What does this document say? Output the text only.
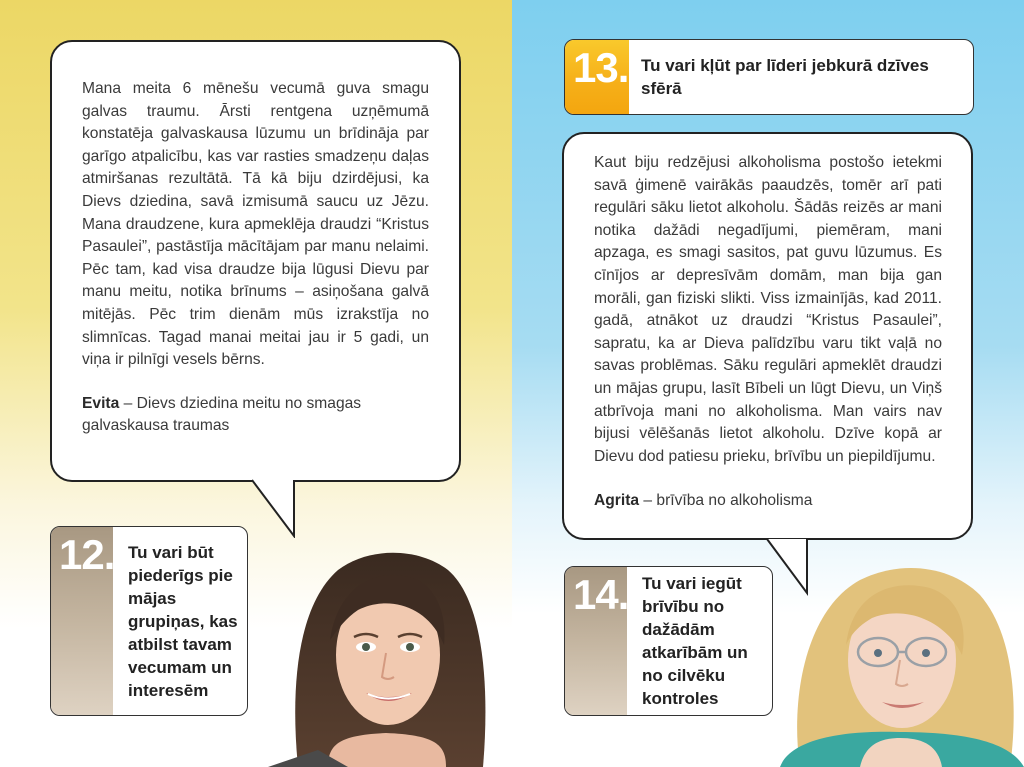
Mana meita 6 mēnešu vecumā guva smagu galvas traumu. Ārsti rentgena uzņēmumā konstatēja galvaskausa lūzumu un brīdināja par garīgo atpalicību, kas var rasties smadzeņu daļas atmiršanas rezultātā. Tā kā biju dzirdējusi, ka Dievs dziedina, savā izmisumā saucu uz Jēzu. Mana draudzene, kura apmeklēja draudzi “Kristus Pasaulei”, pastāstīja mācītājam par manu nelaimi. Pēc tam, kad visa draudze bija lūgusi Dievu par manu meitu, notika brīnums – asiņošana galvā mitējās. Pēc trim dienām mūs izrakstīja no slimnīcas. Tagad manai meitai jau ir 5 gadi, un viņa ir pilnīgi vesels bērns.

Evita – Dievs dziedina meitu no smagas galvaskausa traumas

12. Tu vari būt piederīgs pie mājas grupiņas, kas atbilst tavam vecumam un interesēm
13. Tu vari kļūt par līderi jebkurā dzīves sfērā

Kaut biju redzējusi alkoholisma postošo ietekmi savā ģimenē vairākās paaudzēs, tomēr arī pati regulāri sāku lietot alkoholu. Šādās reizēs ar mani notika dažādi negadījumi, piemēram, mani apzaga, es smagi sasitos, pat guvu lūzumus. Es cīnījos ar depresīvām domām, man bija gan morāli, gan fiziski slikti. Viss izmainījās, kad 2011. gadā, atnākot uz draudzi “Kristus Pasaulei”, sapratu, ka ar Dieva palīdzību varu tikt vaļā no savas problēmas. Sāku regulāri apmeklēt draudzi un mājas grupu, lasīt Bībeli un lūgt Dievu, un Viņš atbrīvoja mani no alkoholisma. Man vairs nav bijusi vēlēšanās lietot alkoholu. Dzīve kopā ar Dievu dod patiesu prieku, brīvību un piepildījumu.

Agrita – brīvība no alkoholisma

14. Tu vari iegūt brīvību no dažādām atkarībām un no cilvēku kontroles
